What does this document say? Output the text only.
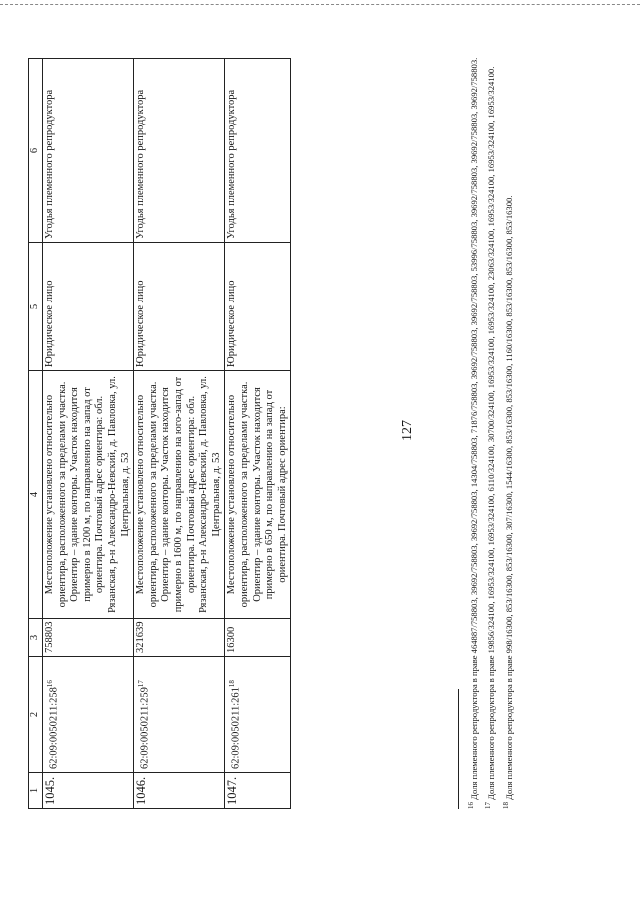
127
1	2	3	4	5	6
1045.	$62:09:0050211:258^{16}$	758803	Местоположение установлено относительно ориентира, расположенного за пределами участка. Ориентир – здание конторы. Участок находится примерно в 1200 м, по направлению на запад от ориентира. Почтовый адрес ориентира: обл. Рязанская, р-н Александро-Невский, д. Павловка, ул. Центральная, д. 53	Юридическое лицо	Угодья племенного репродуктора
1046.	$62:09:0050211:259^{17}$	321639	Местоположение установлено относительно ориентира, расположенного за пределами участка. Ориентир – здание конторы. Участок находится примерно в 1600 м, по направлению на юго-запад от ориентира. Почтовый адрес ориентира: обл. Рязанская, р-н Александро-Невский, д. Павловка, ул. Центральная, д. 53	Юридическое лицо	Угодья племенного репродуктора
1047.	$62:09:0050211:261^{18}$	16300	Местоположение установлено относительно ориентира, расположенного за пределами участка. Ориентир – здание конторы. Участок находится примерно в 650 м, по направлению на запад от ориентира. Почтовый адрес ориентира:	Юридическое лицо	Угодья племенного репродуктора

$^{16}$ Доля племенного репродуктора в праве 464887/758803, 39692/758803, 39692/758803, 14304/758803, 71876/758803, 39692/758803, 39692/758803, 53996/758803, 39692/758803, 39692/758803, 39692/758803.

$^{17}$ Доля племенного репродуктора в праве 19856/324100, 16953/324100, 16953/324100, 6110/324100, 30700/324100, 16953/324100, 16953/324100, 23063/324100, 16953/324100, 16953/324100, 16953/324100.

$^{18}$ Доля племенного репродуктора в праве 998/16300, 853/16300, 853/16300, 307/16300, 1544/16300, 853/16300, 853/16300, 1160/16300, 853/16300, 853/16300, 853/16300.
